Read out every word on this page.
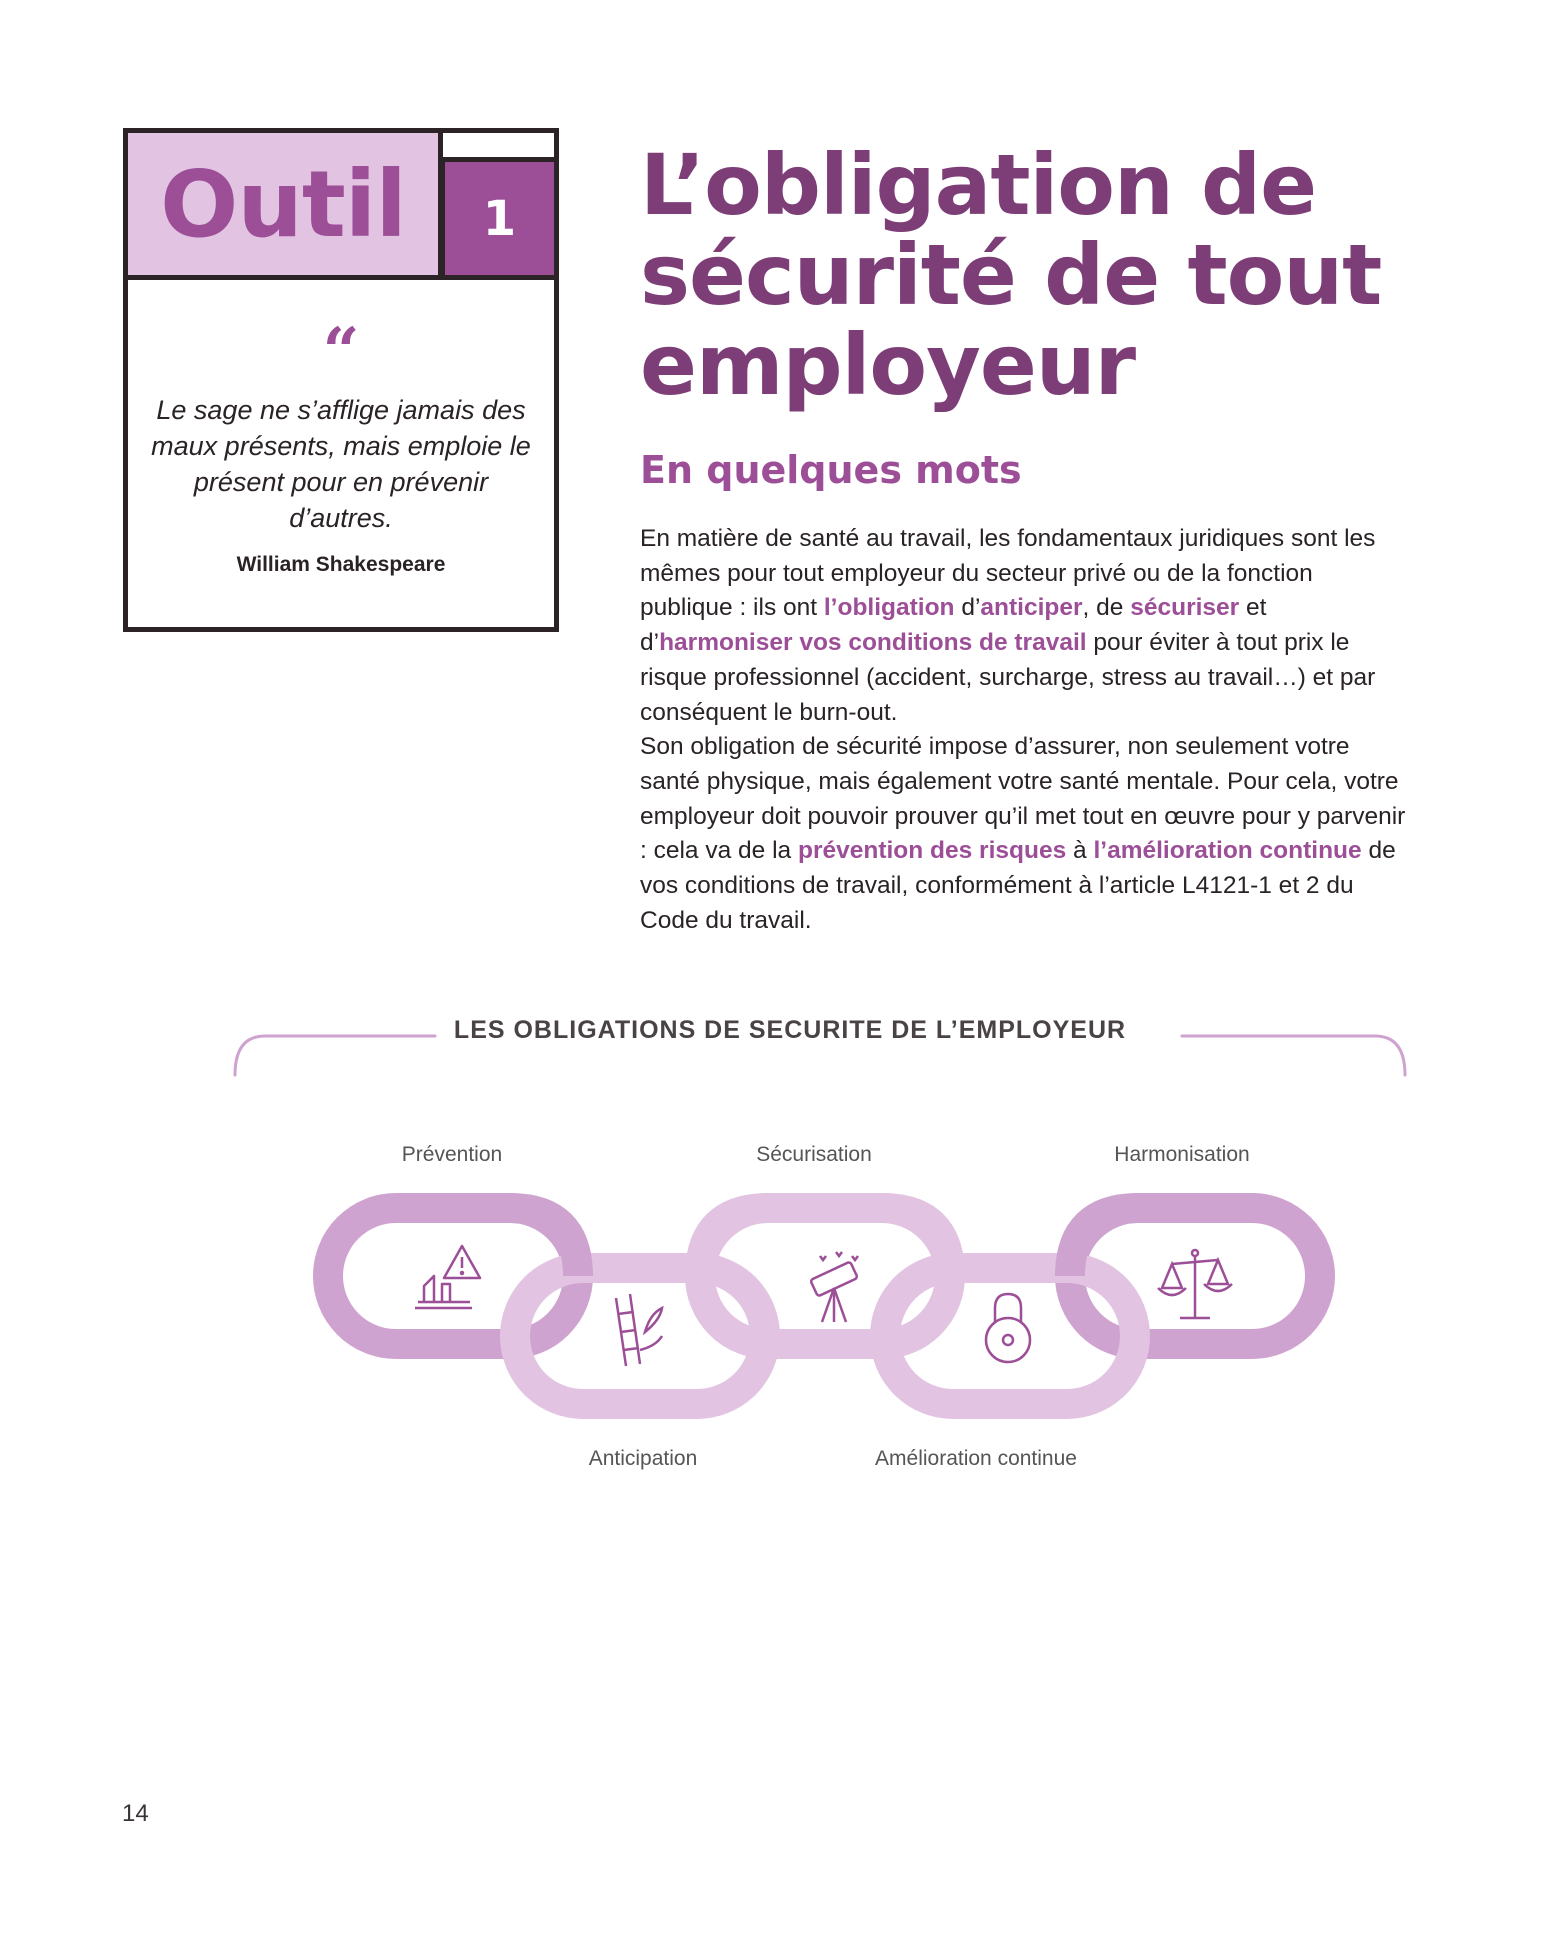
Outil	1
“
Le sage ne s’afflige jamais des maux présents, mais emploie le présent pour en prévenir d’autres.
William Shakespeare
L’obligation de
sécurité de tout
employeur
En quelques mots

En matière de santé au travail, les fondamentaux juridiques sont les mêmes pour tout employeur du secteur privé ou de la fonction publique : ils ont l’obligation d’anticiper, de sécuriser et d’harmoniser vos conditions de travail pour éviter à tout prix le risque professionnel (accident, surcharge, stress au travail…) et par conséquent le burn-out.

Son obligation de sécurité impose d’assurer, non seulement votre santé physique, mais également votre santé mentale. Pour cela, votre employeur doit pouvoir prouver qu’il met tout en œuvre pour y parvenir : cela va de la prévention des risques à l’amélioration continue de vos conditions de travail, conformément à l’article L4121-1 et 2 du Code du travail.

LES OBLIGATIONS DE SECURITE DE L’EMPLOYEUR
Prévention	Sécurisation	Harmonisation
Anticipation	Amélioration continue
14
